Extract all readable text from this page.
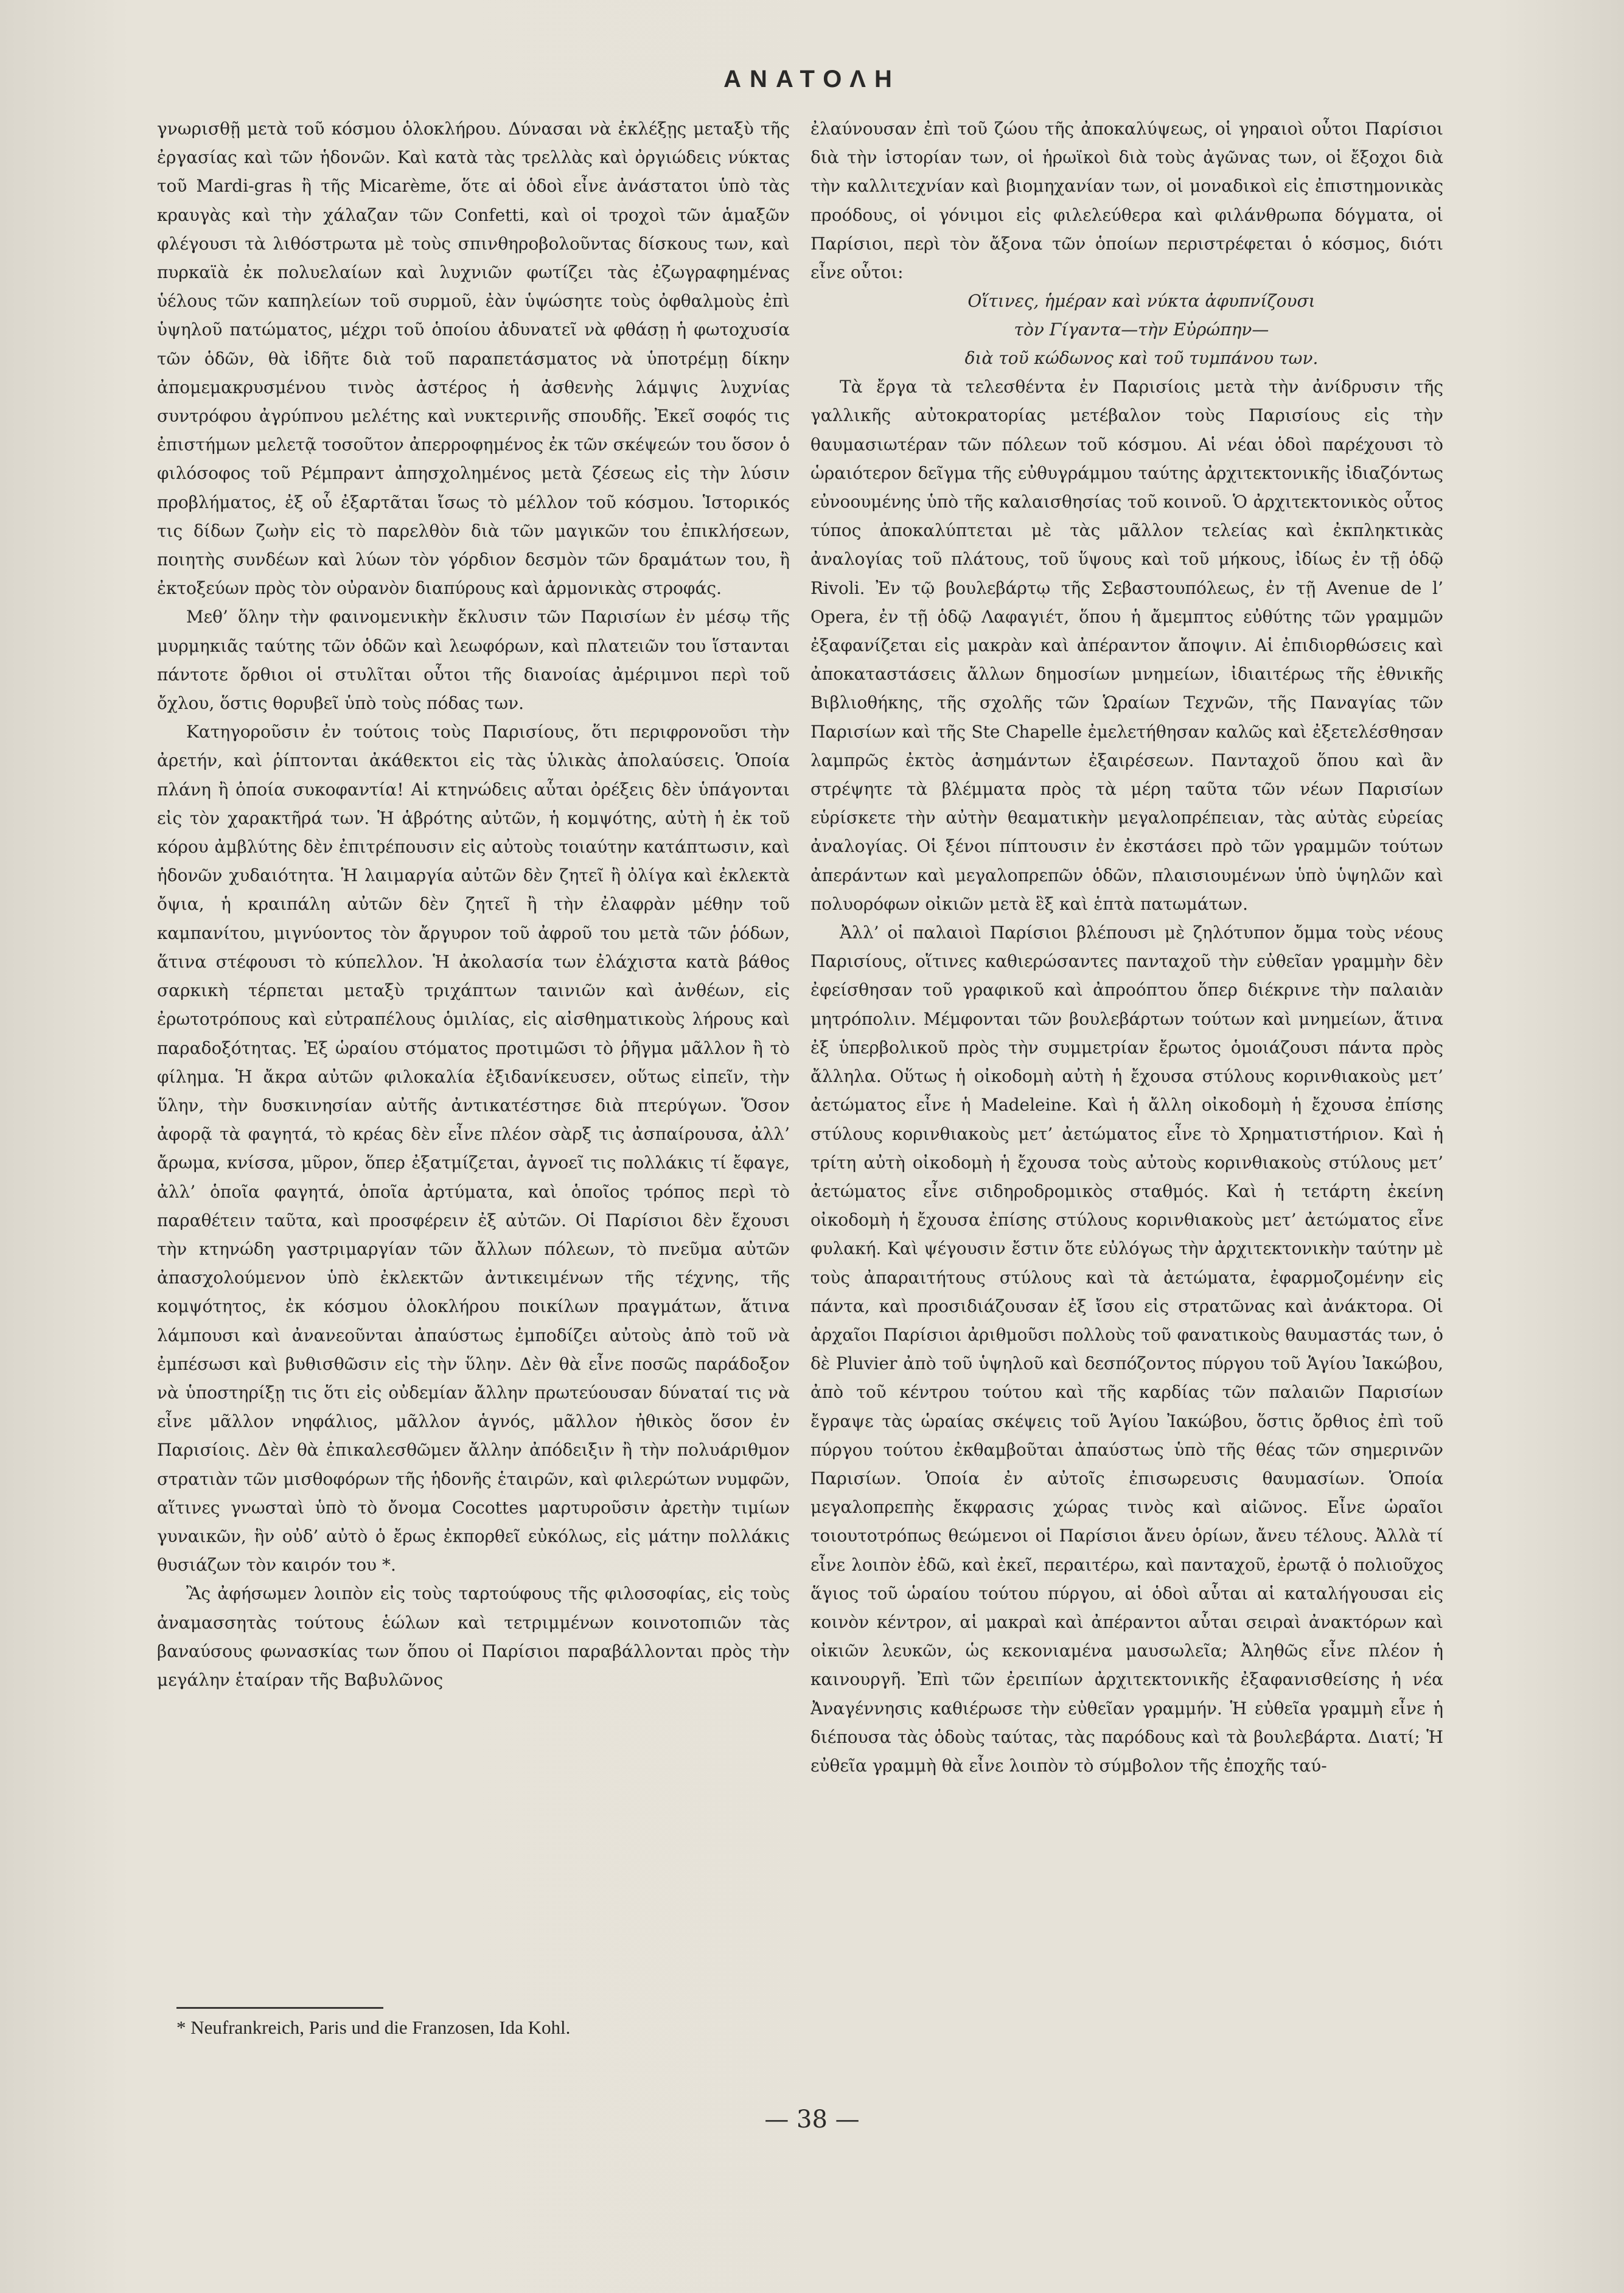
ΑΝΑΤΟΛΗ

γνωρισθῇ μετὰ τοῦ κόσμου ὁλοκλήρου. Δύνασαι νὰ ἐκλέξῃς μεταξὺ τῆς ἐργασίας καὶ τῶν ἡδονῶν. Καὶ κατὰ τὰς τρελλὰς καὶ ὀργιώδεις νύκτας τοῦ Mardi-gras ἢ τῆς Micarème, ὅτε αἱ ὁδοὶ εἶνε ἀνάστατοι ὑπὸ τὰς κραυγὰς καὶ τὴν χάλαζαν τῶν Confetti, καὶ οἱ τροχοὶ τῶν ἁμαξῶν φλέγουσι τὰ λιθόστρωτα μὲ τοὺς σπινθηροβολοῦντας δίσκους των, καὶ πυρκαϊὰ ἐκ πολυελαίων καὶ λυχνιῶν φωτίζει τὰς ἐζωγραφημένας ὑέλους τῶν καπηλείων τοῦ συρμοῦ, ἐὰν ὑψώσητε τοὺς ὀφθαλμοὺς ἐπὶ ὑψηλοῦ πατώματος, μέχρι τοῦ ὁποίου ἀδυνατεῖ νὰ φθάσῃ ἡ φωτοχυσία τῶν ὁδῶν, θὰ ἰδῆτε διὰ τοῦ παραπετάσματος νὰ ὑποτρέμῃ δίκην ἀπομεμακρυσμένου τινὸς ἀστέρος ἡ ἀσθενὴς λάμψις λυχνίας συντρόφου ἀγρύπνου μελέτης καὶ νυκτερινῆς σπουδῆς. Ἐκεῖ σοφός τις ἐπιστήμων μελετᾷ τοσοῦτον ἀπερροφημένος ἐκ τῶν σκέψεών του ὅσον ὁ φιλόσοφος τοῦ Ρέμπραντ ἀπησχολημένος μετὰ ζέσεως εἰς τὴν λύσιν προβλήματος, ἐξ οὗ ἐξαρτᾶται ἴσως τὸ μέλλον τοῦ κόσμου. Ἱστορικός τις δίδων ζωὴν εἰς τὸ παρελθὸν διὰ τῶν μαγικῶν του ἐπικλήσεων, ποιητὴς συνδέων καὶ λύων τὸν γόρδιον δεσμὸν τῶν δραμάτων του, ἢ ἐκτοξεύων πρὸς τὸν οὐρανὸν διαπύρους καὶ ἁρμονικὰς στροφάς.

Μεθ’ ὅλην τὴν φαινομενικὴν ἔκλυσιν τῶν Παρισίων ἐν μέσῳ τῆς μυρμηκιᾶς ταύτης τῶν ὁδῶν καὶ λεωφόρων, καὶ πλατειῶν του ἵστανται πάντοτε ὄρθιοι οἱ στυλῖται οὗτοι τῆς διανοίας ἀμέριμνοι περὶ τοῦ ὄχλου, ὅστις θορυβεῖ ὑπὸ τοὺς πόδας των.

Κατηγοροῦσιν ἐν τούτοις τοὺς Παρισίους, ὅτι περιφρονοῦσι τὴν ἀρετήν, καὶ ῥίπτονται ἀκάθεκτοι εἰς τὰς ὑλικὰς ἀπολαύσεις. Ὁποία πλάνη ἢ ὁποία συκοφαντία! Αἱ κτηνώδεις αὗται ὀρέξεις δὲν ὑπάγονται εἰς τὸν χαρακτῆρά των. Ἡ ἁβρότης αὐτῶν, ἡ κομψότης, αὐτὴ ἡ ἐκ τοῦ κόρου ἀμβλύτης δὲν ἐπιτρέπουσιν εἰς αὐτοὺς τοιαύτην κατάπτωσιν, καὶ ἡδονῶν χυδαιότητα. Ἡ λαιμαργία αὐτῶν δὲν ζητεῖ ἢ ὀλίγα καὶ ἐκλεκτὰ ὄψια, ἡ κραιπάλη αὐτῶν δὲν ζητεῖ ἢ τὴν ἐλαφρὰν μέθην τοῦ καμπανίτου, μιγνύοντος τὸν ἄργυρον τοῦ ἀφροῦ του μετὰ τῶν ῥόδων, ἅτινα στέφουσι τὸ κύπελλον. Ἡ ἀκολασία των ἐλάχιστα κατὰ βάθος σαρκικὴ τέρπεται μεταξὺ τριχάπτων ταινιῶν καὶ ἀνθέων, εἰς ἐρωτοτρόπους καὶ εὐτραπέλους ὁμιλίας, εἰς αἰσθηματικοὺς λήρους καὶ παραδοξότητας. Ἐξ ὡραίου στόματος προτιμῶσι τὸ ῥῆγμα μᾶλλον ἢ τὸ φίλημα. Ἡ ἄκρα αὐτῶν φιλοκαλία ἐξιδανίκευσεν, οὕτως εἰπεῖν, τὴν ὕλην, τὴν δυσκινησίαν αὐτῆς ἀντικατέστησε διὰ πτερύγων. Ὅσον ἀφορᾷ τὰ φαγητά, τὸ κρέας δὲν εἶνε πλέον σὰρξ τις ἀσπαίρουσα, ἀλλ’ ἄρωμα, κνίσσα, μῦρον, ὅπερ ἐξατμίζεται, ἀγνοεῖ τις πολλάκις τί ἔφαγε, ἀλλ’ ὁποῖα φαγητά, ὁποῖα ἀρτύματα, καὶ ὁποῖος τρόπος περὶ τὸ παραθέτειν ταῦτα, καὶ προσφέρειν ἐξ αὐτῶν. Οἱ Παρίσιοι δὲν ἔχουσι τὴν κτηνώδη γαστριμαργίαν τῶν ἄλλων πόλεων, τὸ πνεῦμα αὐτῶν ἀπασχολούμενον ὑπὸ ἐκλεκτῶν ἀντικειμένων τῆς τέχνης, τῆς κομψότητος, ἐκ κόσμου ὁλοκλήρου ποικίλων πραγμάτων, ἅτινα λάμπουσι καὶ ἀνανεοῦνται ἀπαύστως ἐμποδίζει αὐτοὺς ἀπὸ τοῦ νὰ ἐμπέσωσι καὶ βυθισθῶσιν εἰς τὴν ὕλην. Δὲν θὰ εἶνε ποσῶς παράδοξον νὰ ὑποστηρίξῃ τις ὅτι εἰς οὐδεμίαν ἄλλην πρωτεύουσαν δύναταί τις νὰ εἶνε μᾶλλον νηφάλιος, μᾶλλον ἁγνός, μᾶλλον ἠθικὸς ὅσον ἐν Παρισίοις. Δὲν θὰ ἐπικαλεσθῶμεν ἄλλην ἀπόδειξιν ἢ τὴν πολυάριθμον στρατιὰν τῶν μισθοφόρων τῆς ἡδονῆς ἑταιρῶν, καὶ φιλερώτων νυμφῶν, αἵτινες γνωσταὶ ὑπὸ τὸ ὄνομα Cocottes μαρτυροῦσιν ἀρετὴν τιμίων γυναικῶν, ἣν οὐδ’ αὐτὸ ὁ ἔρως ἐκπορθεῖ εὐκόλως, εἰς μάτην πολλάκις θυσιάζων τὸν καιρόν του *.

Ἂς ἀφήσωμεν λοιπὸν εἰς τοὺς ταρτούφους τῆς φιλοσοφίας, εἰς τοὺς ἀναμασσητὰς τούτους ἑώλων καὶ τετριμμένων κοινοτοπιῶν τὰς βαναύσους φωνασκίας των ὅπου οἱ Παρίσιοι παραβάλλονται πρὸς τὴν μεγάλην ἑταίραν τῆς Βαβυλῶνος

ἐλαύνουσαν ἐπὶ τοῦ ζώου τῆς ἀποκαλύψεως, οἱ γηραιοὶ οὗτοι Παρίσιοι διὰ τὴν ἱστορίαν των, οἱ ἡρωϊκοὶ διὰ τοὺς ἀγῶνας των, οἱ ἔξοχοι διὰ τὴν καλλιτεχνίαν καὶ βιομηχανίαν των, οἱ μοναδικοὶ εἰς ἐπιστημονικὰς προόδους, οἱ γόνιμοι εἰς φιλελεύθερα καὶ φιλάνθρωπα δόγματα, οἱ Παρίσιοι, περὶ τὸν ἄξονα τῶν ὁποίων περιστρέφεται ὁ κόσμος, διότι εἶνε οὗτοι:

Οἵτινες, ἡμέραν καὶ νύκτα ἀφυπνίζουσι

τὸν Γίγαντα—τὴν Εὐρώπην—

διὰ τοῦ κώδωνος καὶ τοῦ τυμπάνου των.

Τὰ ἔργα τὰ τελεσθέντα ἐν Παρισίοις μετὰ τὴν ἀνίδρυσιν τῆς γαλλικῆς αὐτοκρατορίας μετέβαλον τοὺς Παρισίους εἰς τὴν θαυμασιωτέραν τῶν πόλεων τοῦ κόσμου. Αἱ νέαι ὁδοὶ παρέχουσι τὸ ὡραιότερον δεῖγμα τῆς εὐθυγράμμου ταύτης ἀρχιτεκτονικῆς ἰδιαζόντως εὐνοουμένης ὑπὸ τῆς καλαισθησίας τοῦ κοινοῦ. Ὁ ἀρχιτεκτονικὸς οὗτος τύπος ἀποκαλύπτεται μὲ τὰς μᾶλλον τελείας καὶ ἐκπληκτικὰς ἀναλογίας τοῦ πλάτους, τοῦ ὕψους καὶ τοῦ μήκους, ἰδίως ἐν τῇ ὁδῷ Rivoli. Ἐν τῷ βουλεβάρτῳ τῆς Σεβαστουπόλεως, ἐν τῇ Avenue de l’ Opera, ἐν τῇ ὁδῷ Λαφαγιέτ, ὅπου ἡ ἄμεμπτος εὐθύτης τῶν γραμμῶν ἐξαφανίζεται εἰς μακρὰν καὶ ἀπέραντον ἄποψιν. Αἱ ἐπιδιορθώσεις καὶ ἀποκαταστάσεις ἄλλων δημοσίων μνημείων, ἰδιαιτέρως τῆς ἐθνικῆς Βιβλιοθήκης, τῆς σχολῆς τῶν Ὡραίων Τεχνῶν, τῆς Παναγίας τῶν Παρισίων καὶ τῆς Ste Chapelle ἐμελετήθησαν καλῶς καὶ ἐξετελέσθησαν λαμπρῶς ἐκτὸς ἀσημάντων ἐξαιρέσεων. Πανταχοῦ ὅπου καὶ ἂν στρέψητε τὰ βλέμματα πρὸς τὰ μέρη ταῦτα τῶν νέων Παρισίων εὑρίσκετε τὴν αὐτὴν θεαματικὴν μεγαλοπρέπειαν, τὰς αὐτὰς εὐρείας ἀναλογίας. Οἱ ξένοι πίπτουσιν ἐν ἐκστάσει πρὸ τῶν γραμμῶν τούτων ἀπεράντων καὶ μεγαλοπρεπῶν ὁδῶν, πλαισιουμένων ὑπὸ ὑψηλῶν καὶ πολυορόφων οἰκιῶν μετὰ ἓξ καὶ ἑπτὰ πατωμάτων.

Ἀλλ’ οἱ παλαιοὶ Παρίσιοι βλέπουσι μὲ ζηλότυπον ὄμμα τοὺς νέους Παρισίους, οἵτινες καθιερώσαντες πανταχοῦ τὴν εὐθεῖαν γραμμὴν δὲν ἐφείσθησαν τοῦ γραφικοῦ καὶ ἀπροόπτου ὅπερ διέκρινε τὴν παλαιὰν μητρόπολιν. Μέμφονται τῶν βουλεβάρτων τούτων καὶ μνημείων, ἅτινα ἐξ ὑπερβολικοῦ πρὸς τὴν συμμετρίαν ἔρωτος ὁμοιάζουσι πάντα πρὸς ἄλληλα. Οὕτως ἡ οἰκοδομὴ αὐτὴ ἡ ἔχουσα στύλους κορινθιακοὺς μετ’ ἀετώματος εἶνε ἡ Madeleine. Καὶ ἡ ἄλλη οἰκοδομὴ ἡ ἔχουσα ἐπίσης στύλους κορινθιακοὺς μετ’ ἀετώματος εἶνε τὸ Χρηματιστήριον. Καὶ ἡ τρίτη αὐτὴ οἰκοδομὴ ἡ ἔχουσα τοὺς αὐτοὺς κορινθιακοὺς στύλους μετ’ ἀετώματος εἶνε σιδηροδρομικὸς σταθμός. Καὶ ἡ τετάρτη ἐκείνη οἰκοδομὴ ἡ ἔχουσα ἐπίσης στύλους κορινθιακοὺς μετ’ ἀετώματος εἶνε φυλακή. Καὶ ψέγουσιν ἔστιν ὅτε εὐλόγως τὴν ἀρχιτεκτονικὴν ταύτην μὲ τοὺς ἀπαραιτήτους στύλους καὶ τὰ ἀετώματα, ἐφαρμοζομένην εἰς πάντα, καὶ προσιδιάζουσαν ἐξ ἴσου εἰς στρατῶνας καὶ ἀνάκτορα. Οἱ ἀρχαῖοι Παρίσιοι ἀριθμοῦσι πολλοὺς τοῦ φανατικοὺς θαυμαστάς των, ὁ δὲ Pluvier ἀπὸ τοῦ ὑψηλοῦ καὶ δεσπόζοντος πύργου τοῦ Ἁγίου Ἰακώβου, ἀπὸ τοῦ κέντρου τούτου καὶ τῆς καρδίας τῶν παλαιῶν Παρισίων ἔγραψε τὰς ὡραίας σκέψεις τοῦ Ἁγίου Ἰακώβου, ὅστις ὄρθιος ἐπὶ τοῦ πύργου τούτου ἐκθαμβοῦται ἀπαύστως ὑπὸ τῆς θέας τῶν σημερινῶν Παρισίων. Ὁποία ἐν αὐτοῖς ἐπισωρευσις θαυμασίων. Ὁποία μεγαλοπρεπὴς ἔκφρασις χώρας τινὸς καὶ αἰῶνος. Εἶνε ὡραῖοι τοιουτοτρόπως θεώμενοι οἱ Παρίσιοι ἄνευ ὁρίων, ἄνευ τέλους. Ἀλλὰ τί εἶνε λοιπὸν ἐδῶ, καὶ ἐκεῖ, περαιτέρω, καὶ πανταχοῦ, ἐρωτᾷ ὁ πολιοῦχος ἅγιος τοῦ ὡραίου τούτου πύργου, αἱ ὁδοὶ αὗται αἱ καταλήγουσαι εἰς κοινὸν κέντρον, αἱ μακραὶ καὶ ἀπέραντοι αὗται σειραὶ ἀνακτόρων καὶ οἰκιῶν λευκῶν, ὡς κεκονιαμένα μαυσωλεῖα; Ἀληθῶς εἶνε πλέον ἡ καινουργῆ. Ἐπὶ τῶν ἐρειπίων ἀρχιτεκτονικῆς ἐξαφανισθείσης ἡ νέα Ἀναγέννησις καθιέρωσε τὴν εὐθεῖαν γραμμήν. Ἡ εὐθεῖα γραμμὴ εἶνε ἡ διέπουσα τὰς ὁδοὺς ταύτας, τὰς παρόδους καὶ τὰ βουλεβάρτα. Διατί; Ἡ εὐθεῖα γραμμὴ θὰ εἶνε λοιπὸν τὸ σύμβολον τῆς ἐποχῆς ταύ-

* Neufrankreich, Paris und die Franzosen, Ida Kohl.
— 38 —
